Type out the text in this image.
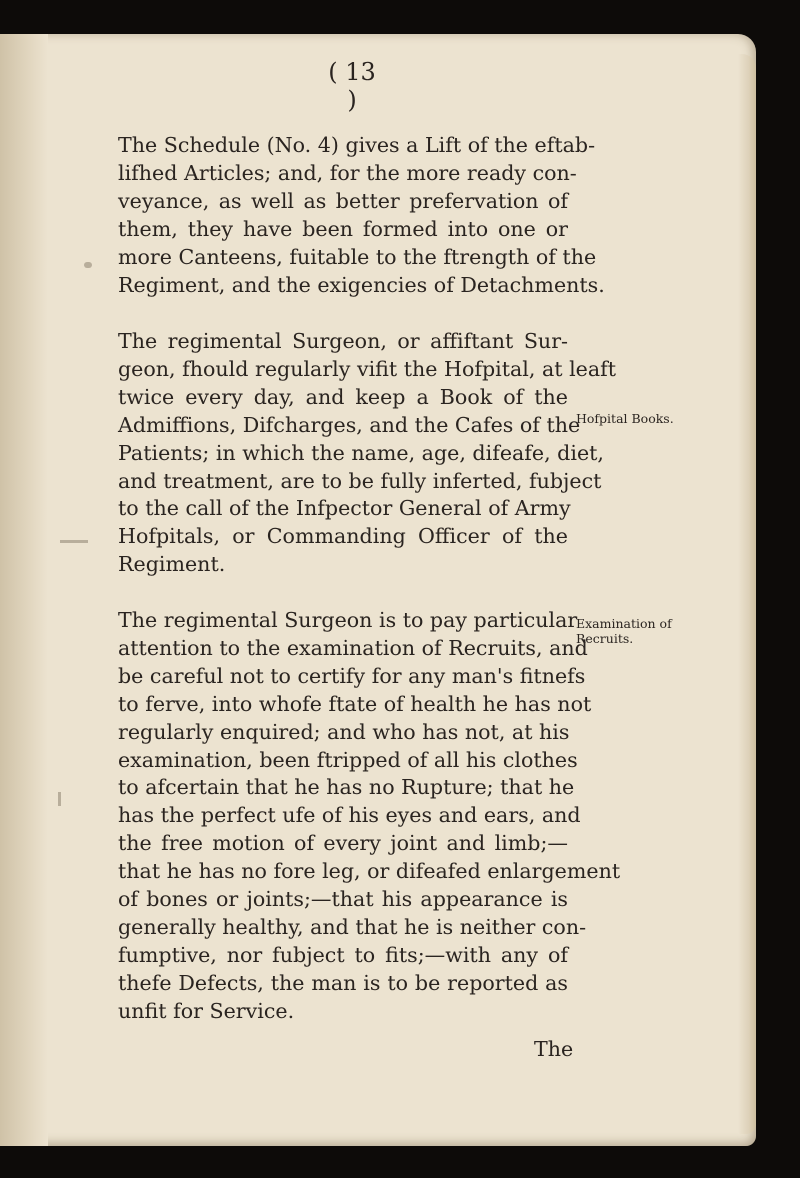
( 13 )
The Schedule (No. 4) gives a Lift of the eftab-
lifhed Articles; and, for the more ready con-
veyance, as well as better prefervation of
them, they have been formed into one or
more Canteens, fuitable to the ftrength of the
Regiment, and the exigencies of Detachments.
The regimental Surgeon, or affiftant Sur-
geon, fhould regularly vifit the Hofpital, at leaft
twice every day, and keep a Book of the
Admiffions, Difcharges, and the Cafes of the
Patients; in which the name, age, difeafe, diet,
and treatment, are to be fully inferted, fubject
to the call of the Infpector General of Army
Hofpitals, or Commanding Officer of the
Regiment.
The regimental Surgeon is to pay particular
attention to the examination of Recruits, and
be careful not to certify for any man's fitnefs
to ferve, into whofe ftate of health he has not
regularly enquired; and who has not, at his
examination, been ftripped of all his clothes
to afcertain that he has no Rupture; that he
has the perfect ufe of his eyes and ears, and
the free motion of every joint and limb;—
that he has no fore leg, or difeafed enlargement
of bones or joints;—that his appearance is
generally healthy, and that he is neither con-
fumptive, nor fubject to fits;—with any of
thefe Defects, the man is to be reported as
unfit for Service.
Hofpital Books.
Examination of
Recruits.
The
